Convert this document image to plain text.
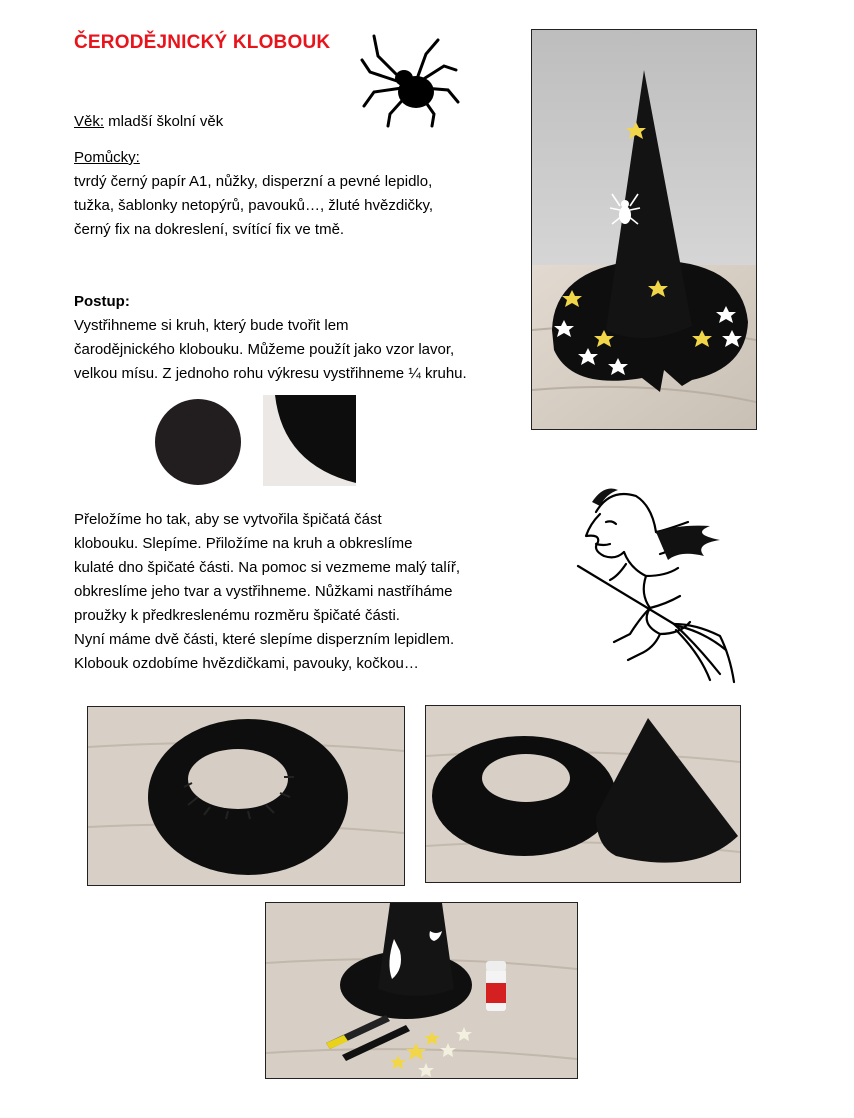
ČERODĚJNICKÝ KLOBOUK
Věk: mladší školní věk
Pomůcky:
tvrdý černý papír A1, nůžky, disperzní a pevné lepidlo,
tužka, šablonky netopýrů, pavouků…, žluté hvězdičky,
černý fix na dokreslení, svítící fix ve tmě.
Postup:
Vystřihneme si kruh, který bude tvořit lem
čarodějnického klobouku. Můžeme použít jako vzor lavor,
velkou mísu. Z jednoho rohu výkresu vystřihneme ¼ kruhu.
Přeložíme ho tak, aby se vytvořila špičatá část
klobouku. Slepíme. Přiložíme na kruh a obkreslíme
kulaté dno špičaté části. Na pomoc si vezmeme malý talíř,
obkreslíme jeho tvar a vystřihneme. Nůžkami nastříháme
proužky k předkreslenému rozměru špičaté části.
Nyní máme dvě části, které slepíme disperzním lepidlem.
Klobouk ozdobíme hvězdičkami, pavouky, kočkou…
